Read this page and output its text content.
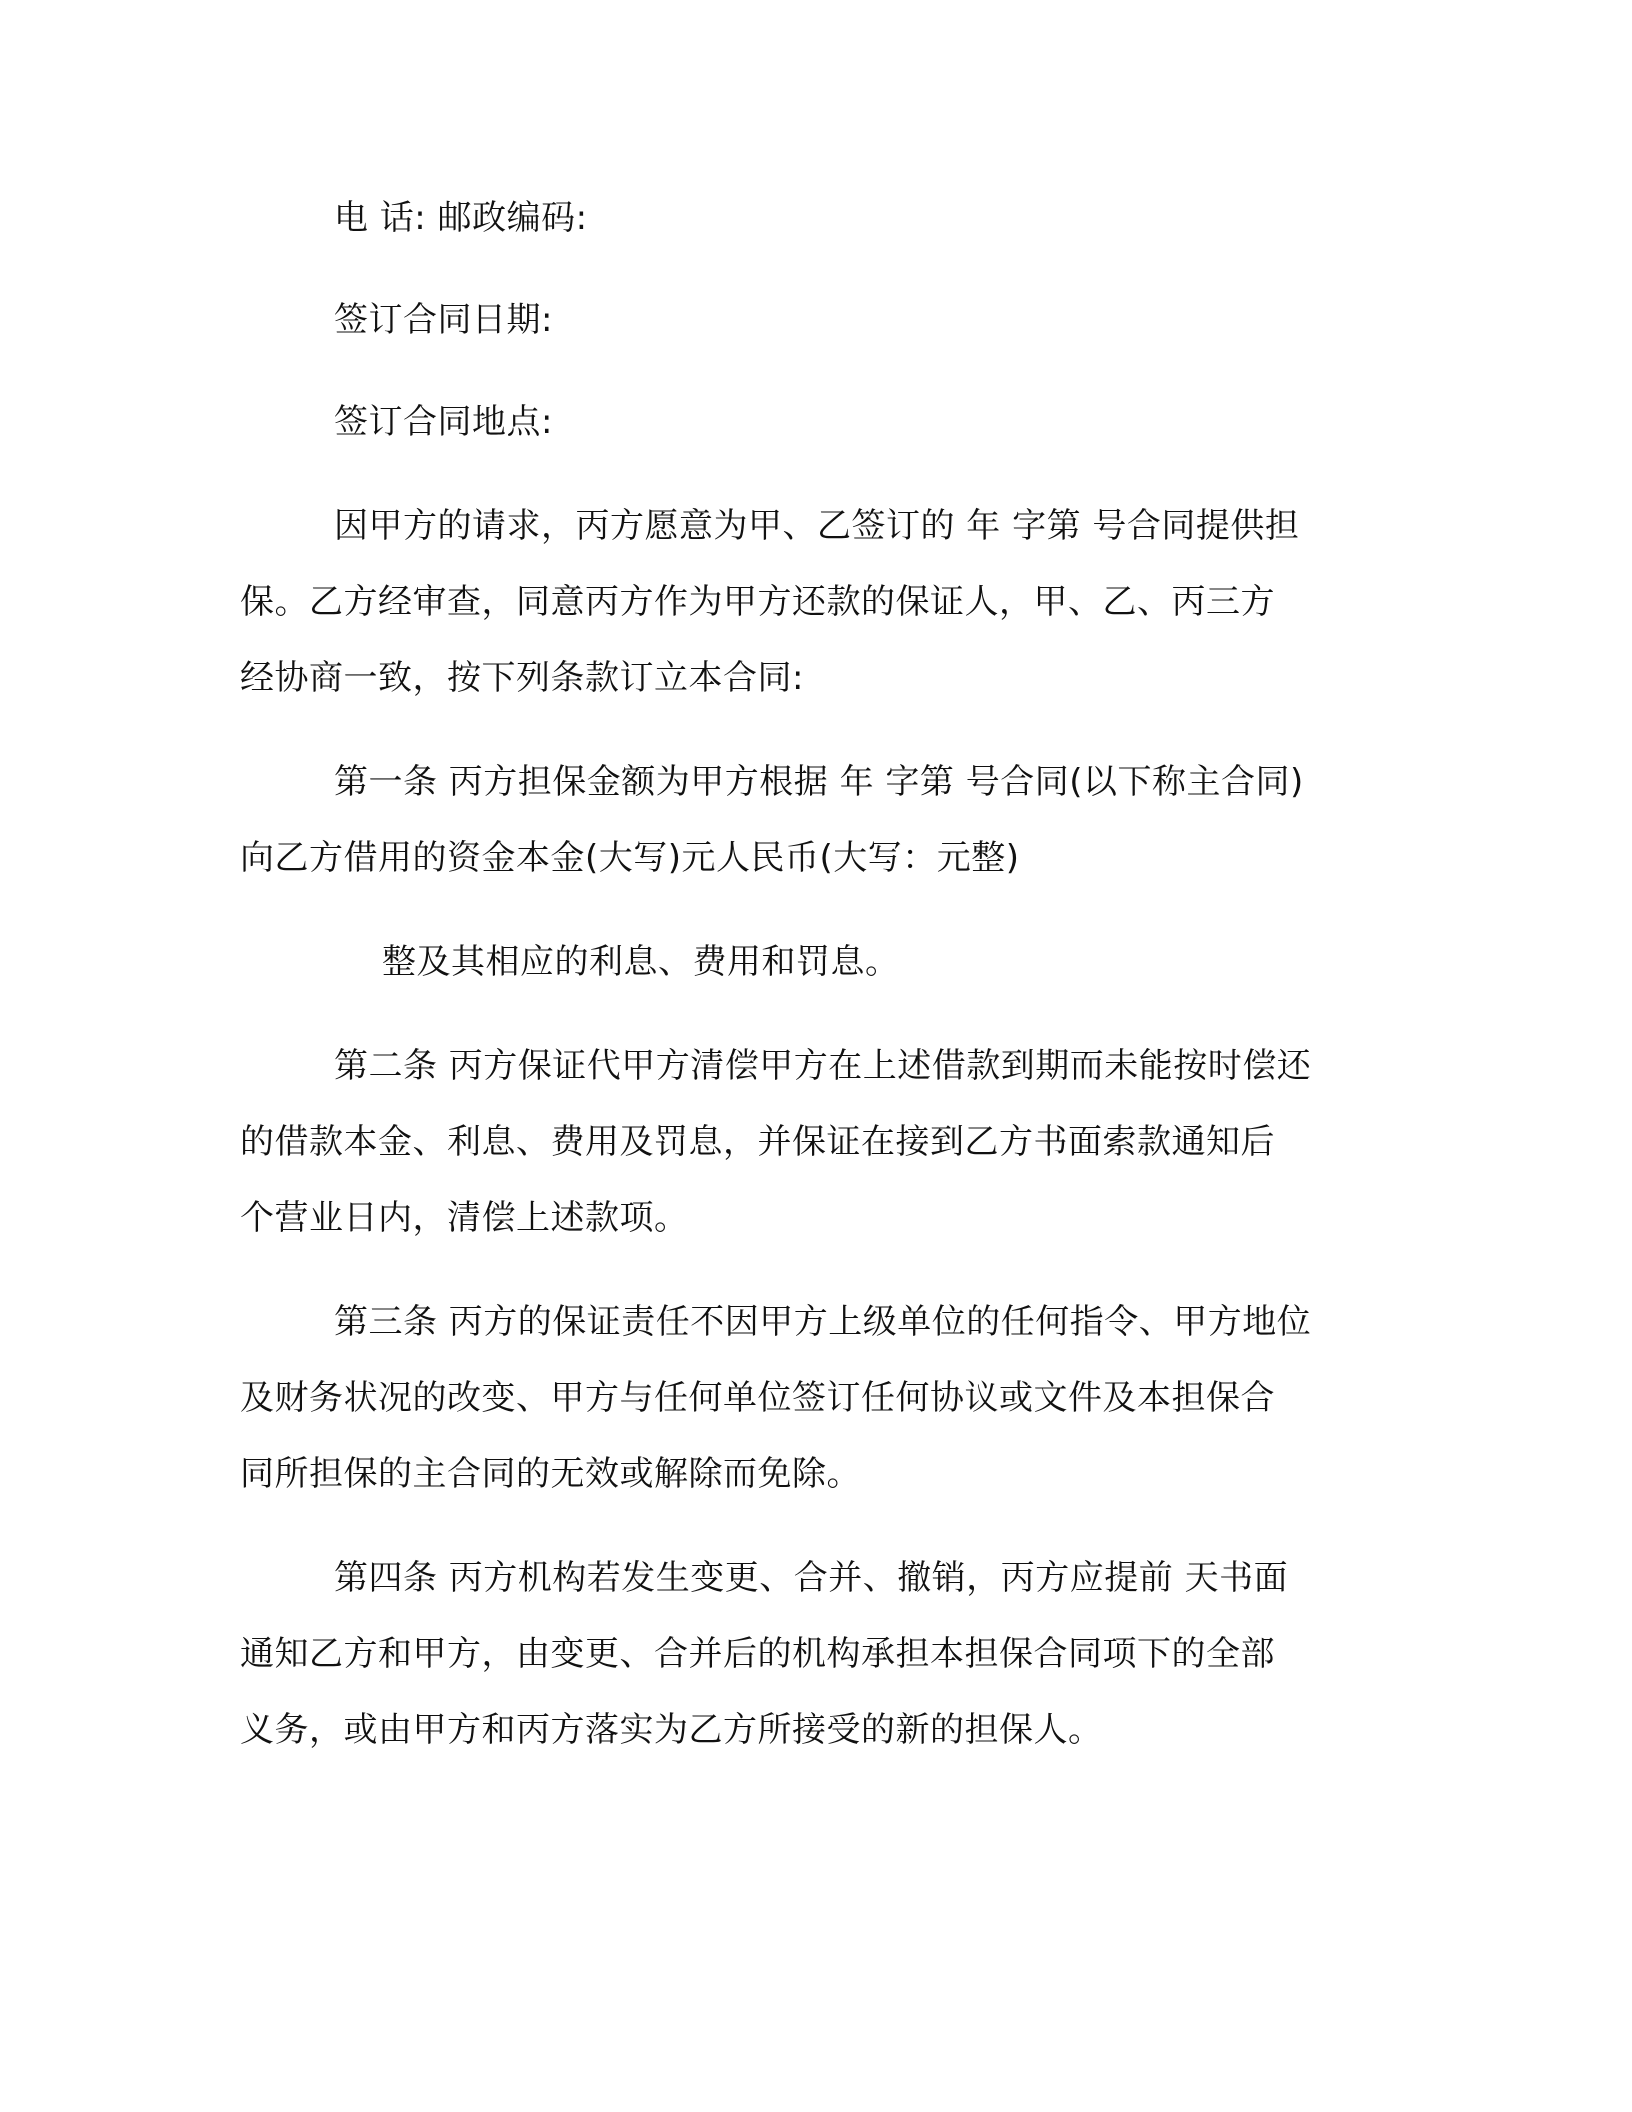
电 话: 邮政编码:
签订合同日期:
签订合同地点:
因甲方的请求，丙方愿意为甲、乙签订的 年 字第 号合同提供担
保。乙方经审查，同意丙方作为甲方还款的保证人，甲、乙、丙三方
经协商一致，按下列条款订立本合同:
第一条 丙方担保金额为甲方根据 年 字第 号合同(以下称主合同)
向乙方借用的资金本金(大写)元人民币(大写：元整)
整及其相应的利息、费用和罚息。
第二条 丙方保证代甲方清偿甲方在上述借款到期而未能按时偿还
的借款本金、利息、费用及罚息，并保证在接到乙方书面索款通知后
个营业日内，清偿上述款项。
第三条 丙方的保证责任不因甲方上级单位的任何指令、甲方地位
及财务状况的改变、甲方与任何单位签订任何协议或文件及本担保合
同所担保的主合同的无效或解除而免除。
第四条 丙方机构若发生变更、合并、撤销，丙方应提前 天书面
通知乙方和甲方，由变更、合并后的机构承担本担保合同项下的全部
义务，或由甲方和丙方落实为乙方所接受的新的担保人。
